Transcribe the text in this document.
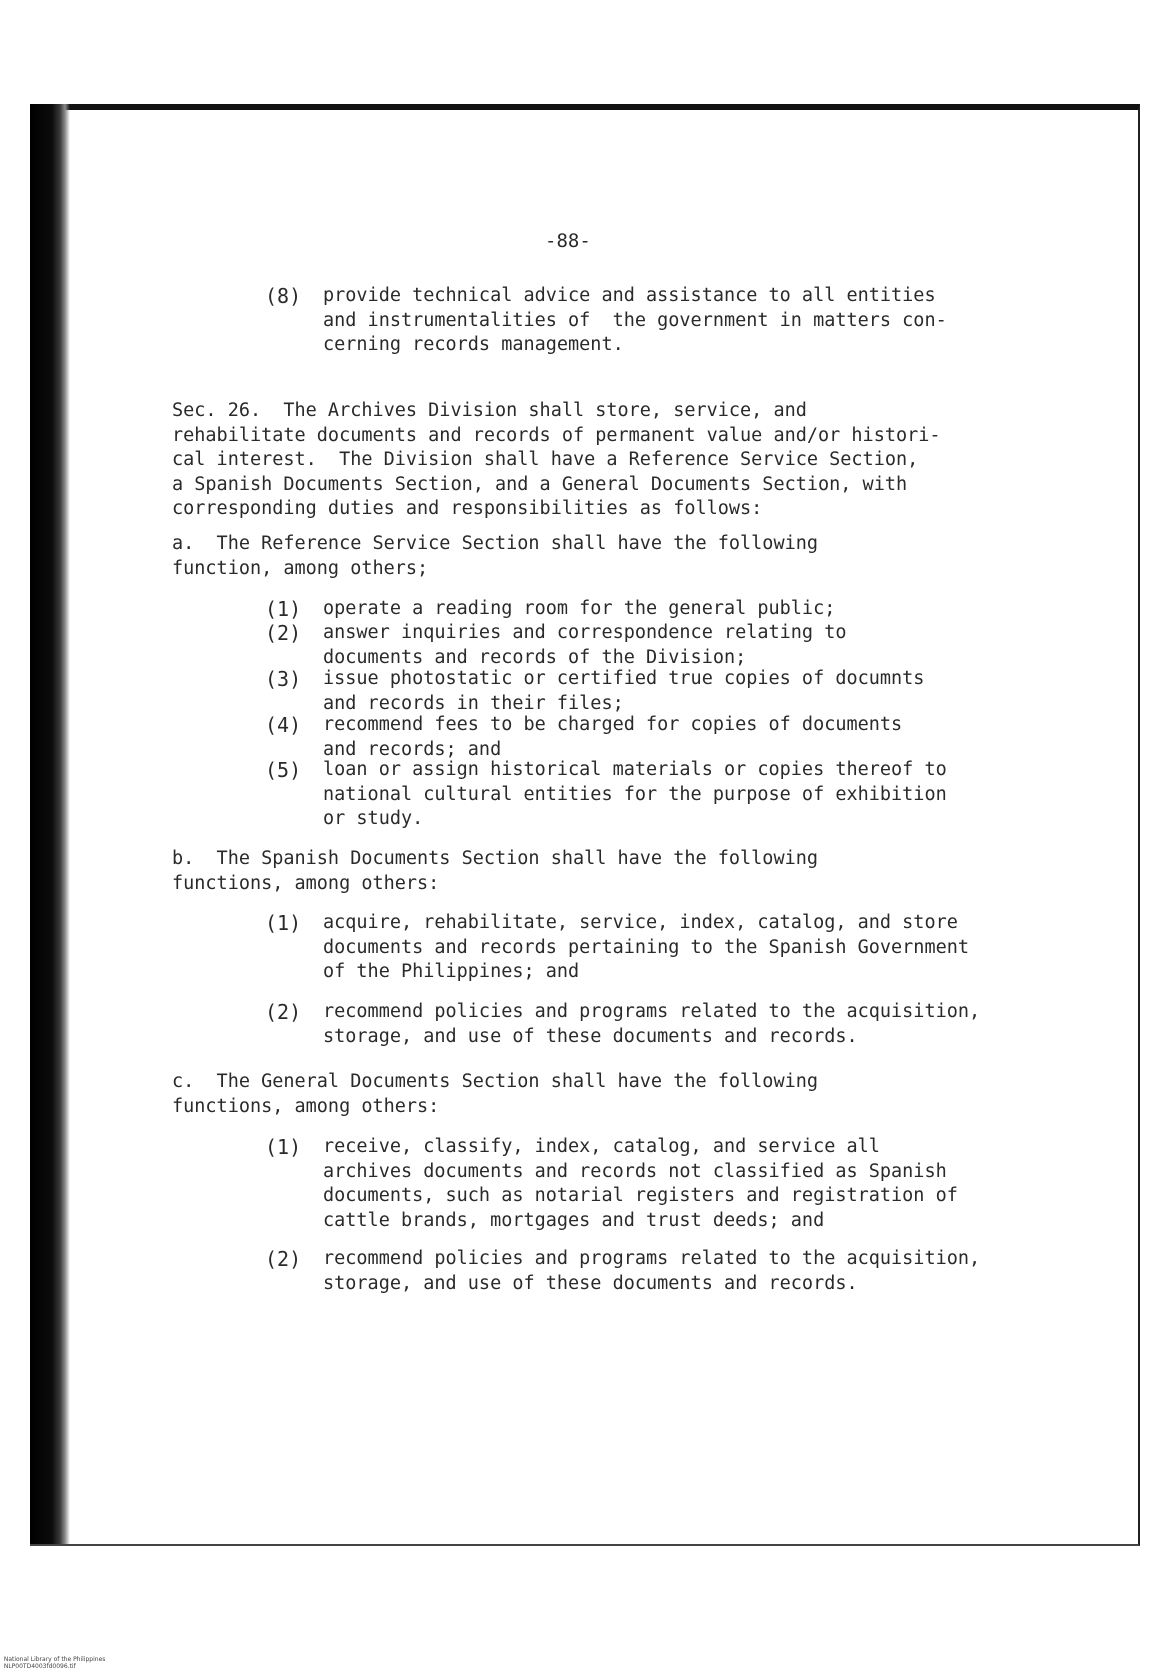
-88-

(8)	provide technical advice and assistance to all entities
and instrumentalities of  the government in matters con-
cerning records management.

Sec. 26.  The Archives Division shall store, service, and
rehabilitate documents and records of permanent value and/or histori-
cal interest.  The Division shall have a Reference Service Section,
a Spanish Documents Section, and a General Documents Section, with
corresponding duties and responsibilities as follows:

a.  The Reference Service Section shall have the following
function, among others;

(1)	operate a reading room for the general public;

(2)	answer inquiries and correspondence relating to
documents and records of the Division;

(3)	issue photostatic or certified true copies of documnts
and records in their files;

(4)	recommend fees to be charged for copies of documents
and records; and

(5)	loan or assign historical materials or copies thereof to
national cultural entities for the purpose of exhibition
or study.

b.  The Spanish Documents Section shall have the following
functions, among others:

(1)	acquire, rehabilitate, service, index, catalog, and store
documents and records pertaining to the Spanish Government
of the Philippines; and

(2)	recommend policies and programs related to the acquisition,
storage, and use of these documents and records.

c.  The General Documents Section shall have the following
functions, among others:

(1)	receive, classify, index, catalog, and service all
archives documents and records not classified as Spanish
documents, such as notarial registers and registration of
cattle brands, mortgages and trust deeds; and

(2)	recommend policies and programs related to the acquisition,
storage, and use of these documents and records.

National Library of the Philippines
NLP00TD4003fd0096.tif
